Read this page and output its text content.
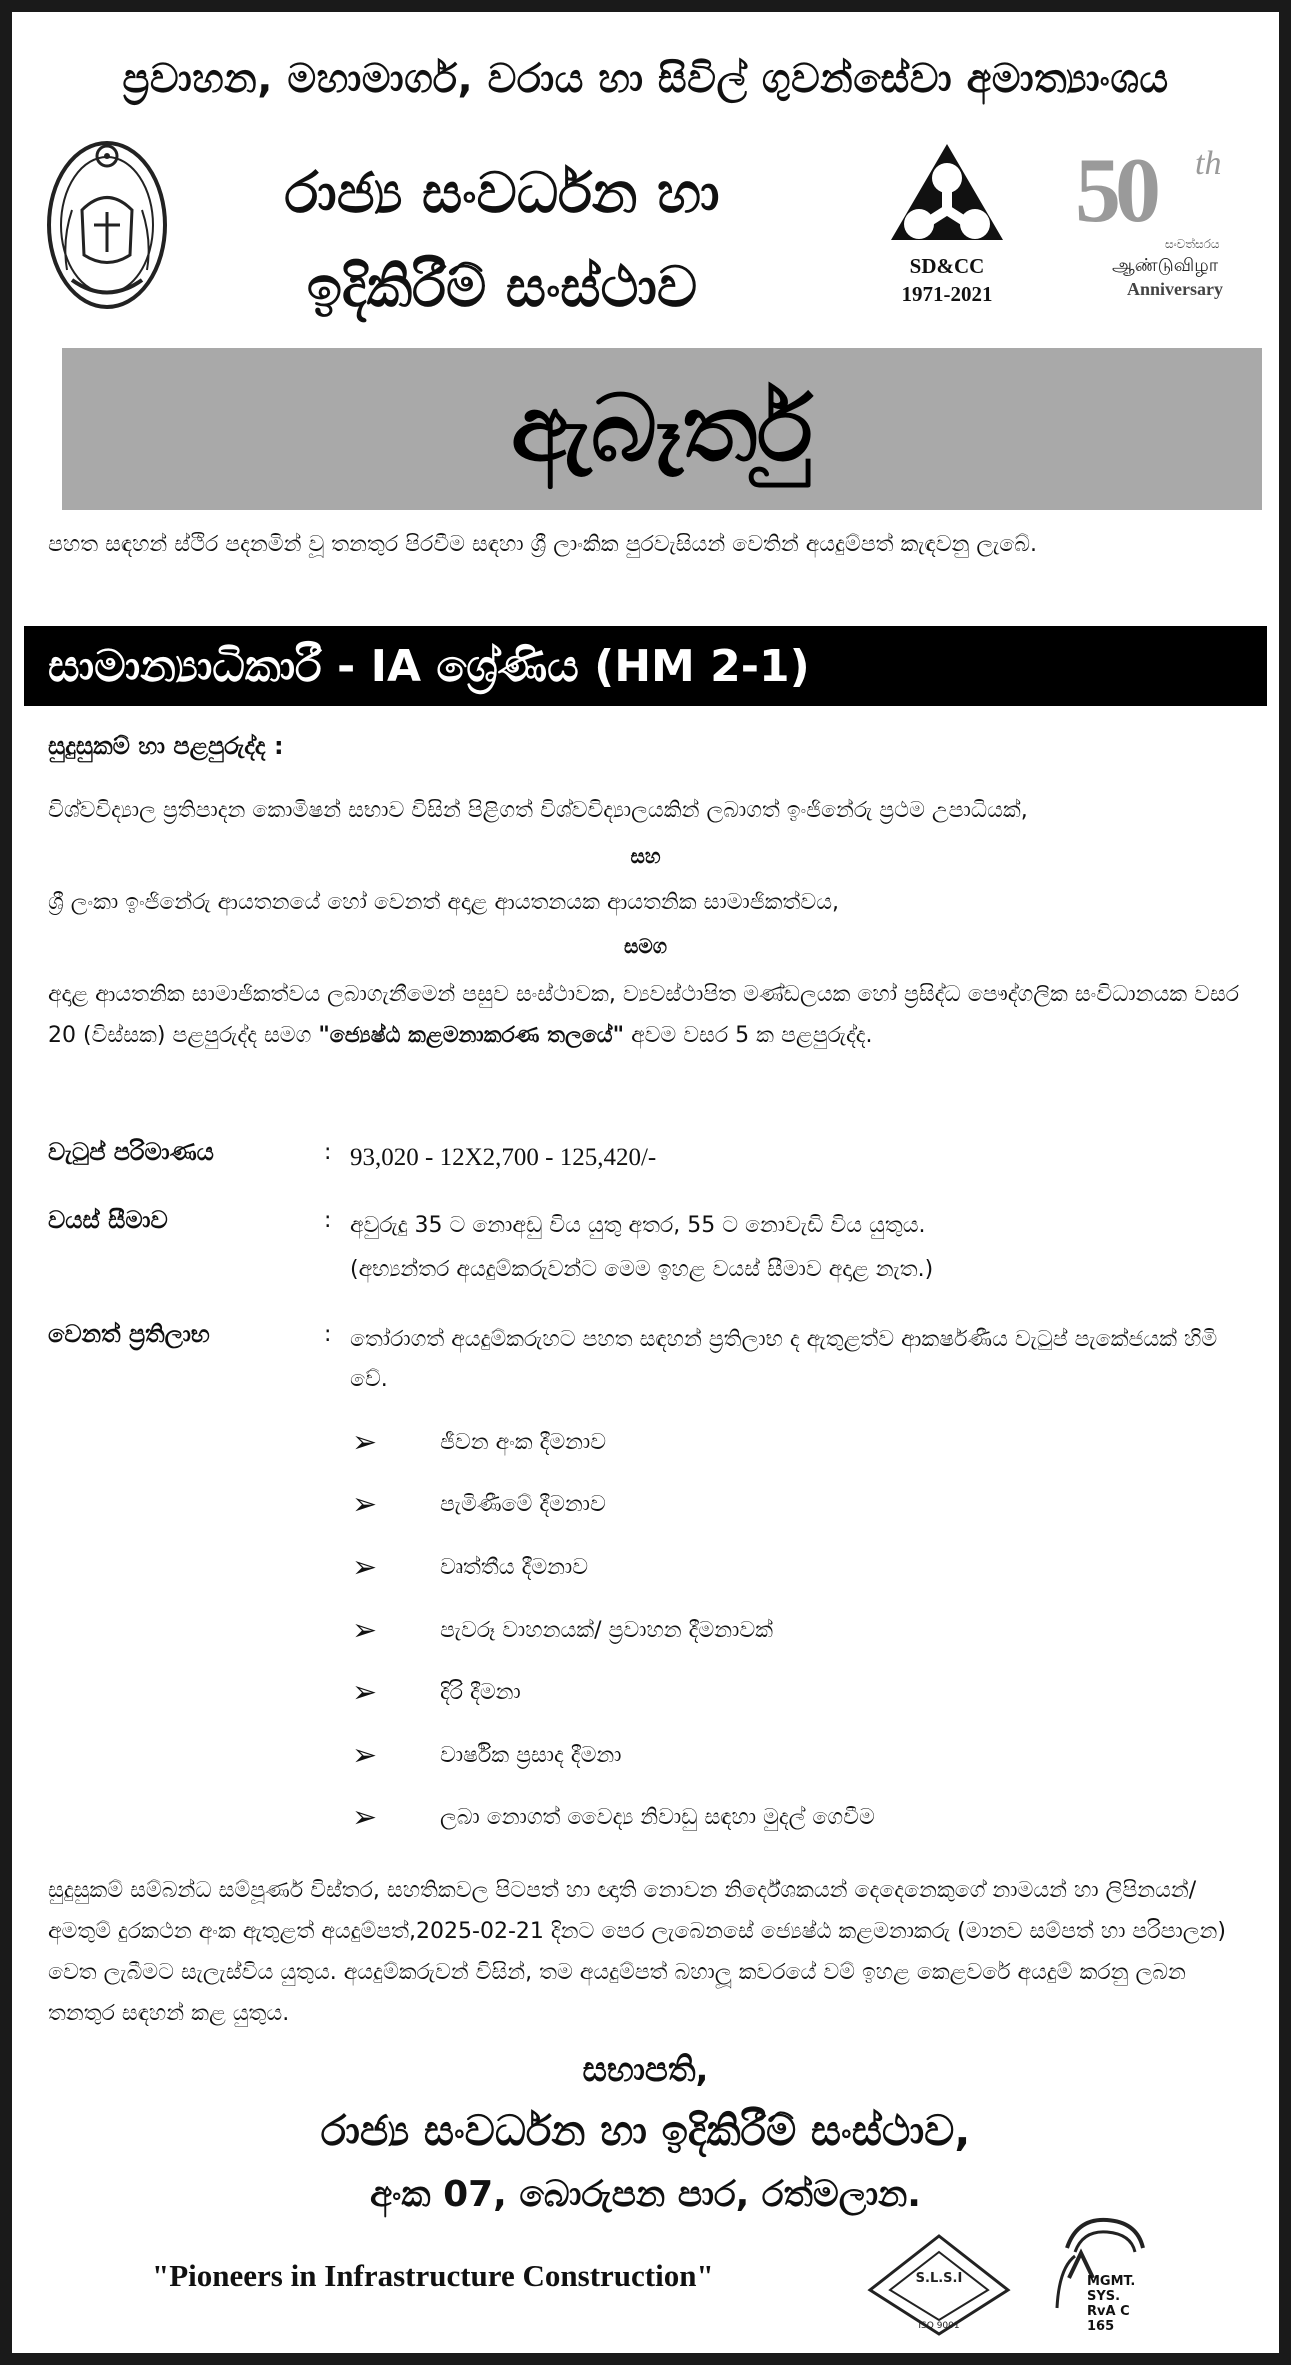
ප්‍රවාහන, මහාමාර්ග, වරාය හා සිවිල් ගුවන්සේවා අමාත්‍යාංශය
රාජ්‍ය සංවර්ධන හා
ඉදිකිරීම් සංස්ථාව	SD&CC
1971-2021
50 th
සංවත්සරය
ஆண்டுவிழா
Anniversary
ඇබෑර්තු
පහත සඳහන් ස්ථිර පදනමින් වූ තනතුර පිරවීම සඳහා ශ්‍රී ලාංකික පුරවැසියන් වෙතින් අයදුම්පත් කැඳවනු ලැබේ.
සාමාන්‍යාධිකාරී - IA ශ්‍රේණිය (HM 2-1)
සුදුසුකම් හා පළපුරුද්ද :
විශ්වවිද්‍යාල ප්‍රතිපාදන කොමිෂන් සභාව විසින් පිළිගත් විශ්වවිද්‍යාලයකින් ලබාගත් ඉංජිනේරු ප්‍රථම උපාධියක්,
සහ
ශ්‍රී ලංකා ඉංජිනේරු ආයතනයේ හෝ වෙනත් අදාළ ආයතනයක ආයතනික සාමාජිකත්වය,
සමග
අදාළ ආයතනික සාමාජිකත්වය ලබාගැනීමෙන් පසුව සංස්ථාවක, ව්‍යවස්ථාපිත මණ්ඩලයක හෝ ප්‍රසිද්ධ පෞද්ගලික සංවිධානයක වසර 20 (විස්සක) පළපුරුද්ද සමග "ජ්‍යෙෂ්ඨ කළමනාකරණ තලයේ" අවම වසර 5 ක පළපුරුද්ද.
වැටුප් පරිමාණය	: 93,020 - 12X2,700 - 125,420/-
වයස් සීමාව	: අවුරුදු 35 ට නොඅඩු විය යුතු අතර, 55 ට නොවැඩි විය යුතුය.
(අභ්‍යන්තර අයදුම්කරුවන්ට මෙම ඉහළ වයස් සීමාව අදාළ නැත.)
වෙනත් ප්‍රතිලාභ	: තෝරාගත් අයදුම්කරුහට පහත සඳහන් ප්‍රතිලාභ ද ඇතුළත්ව ආකර්ෂණීය වැටුප් පැකේජයක් හිමි වේ.
➢	ජීවන අංක දීමනාව
➢	පැමිණීමේ දීමනාව
➢	වෘත්තීය දීමනාව
➢	පැවරූ වාහනයක්/ ප්‍රවාහන දීමනාවක්
➢	දිරි දීමනා
➢	වාර්ෂික ප්‍රසාද දීමනා
➢	ලබා නොගත් වෛද්‍ය නිවාඩු සඳහා මුදල් ගෙවීම
සුදුසුකම් සම්බන්ධ සම්පූර්ණ විස්තර, සහතිකවල පිටපත් හා ඥාති නොවන නිර්දේශකයන් දෙදෙනෙකුගේ නාමයන් හා ලිපිනයන්/ අමතුම් දුරකථන අංක ඇතුළත් අයදුම්පත්,2025-02-21 දිනට පෙර ලැබෙනසේ ජ්‍යෙෂ්ඨ කළමනාකරු (මානව සම්පත් හා පරිපාලන) වෙත ලැබීමට සැලැස්විය යුතුය. අයදුම්කරුවන් විසින්, තම අයදුම්පත් බහාලූ කවරයේ වම් ඉහළ කෙළවරේ අයදුම් කරනු ලබන තනතුර සඳහන් කළ යුතුය.
සභාපති,
රාජ්‍ය සංවර්ධන හා ඉදිකිරීම් සංස්ථාව,
අංක 07, බොරුපන පාර, රත්මලාන.
"Pioneers in Infrastructure Construction"	S.L.S.I
ISO 9001
MGMT. SYS.
RvA C 165
